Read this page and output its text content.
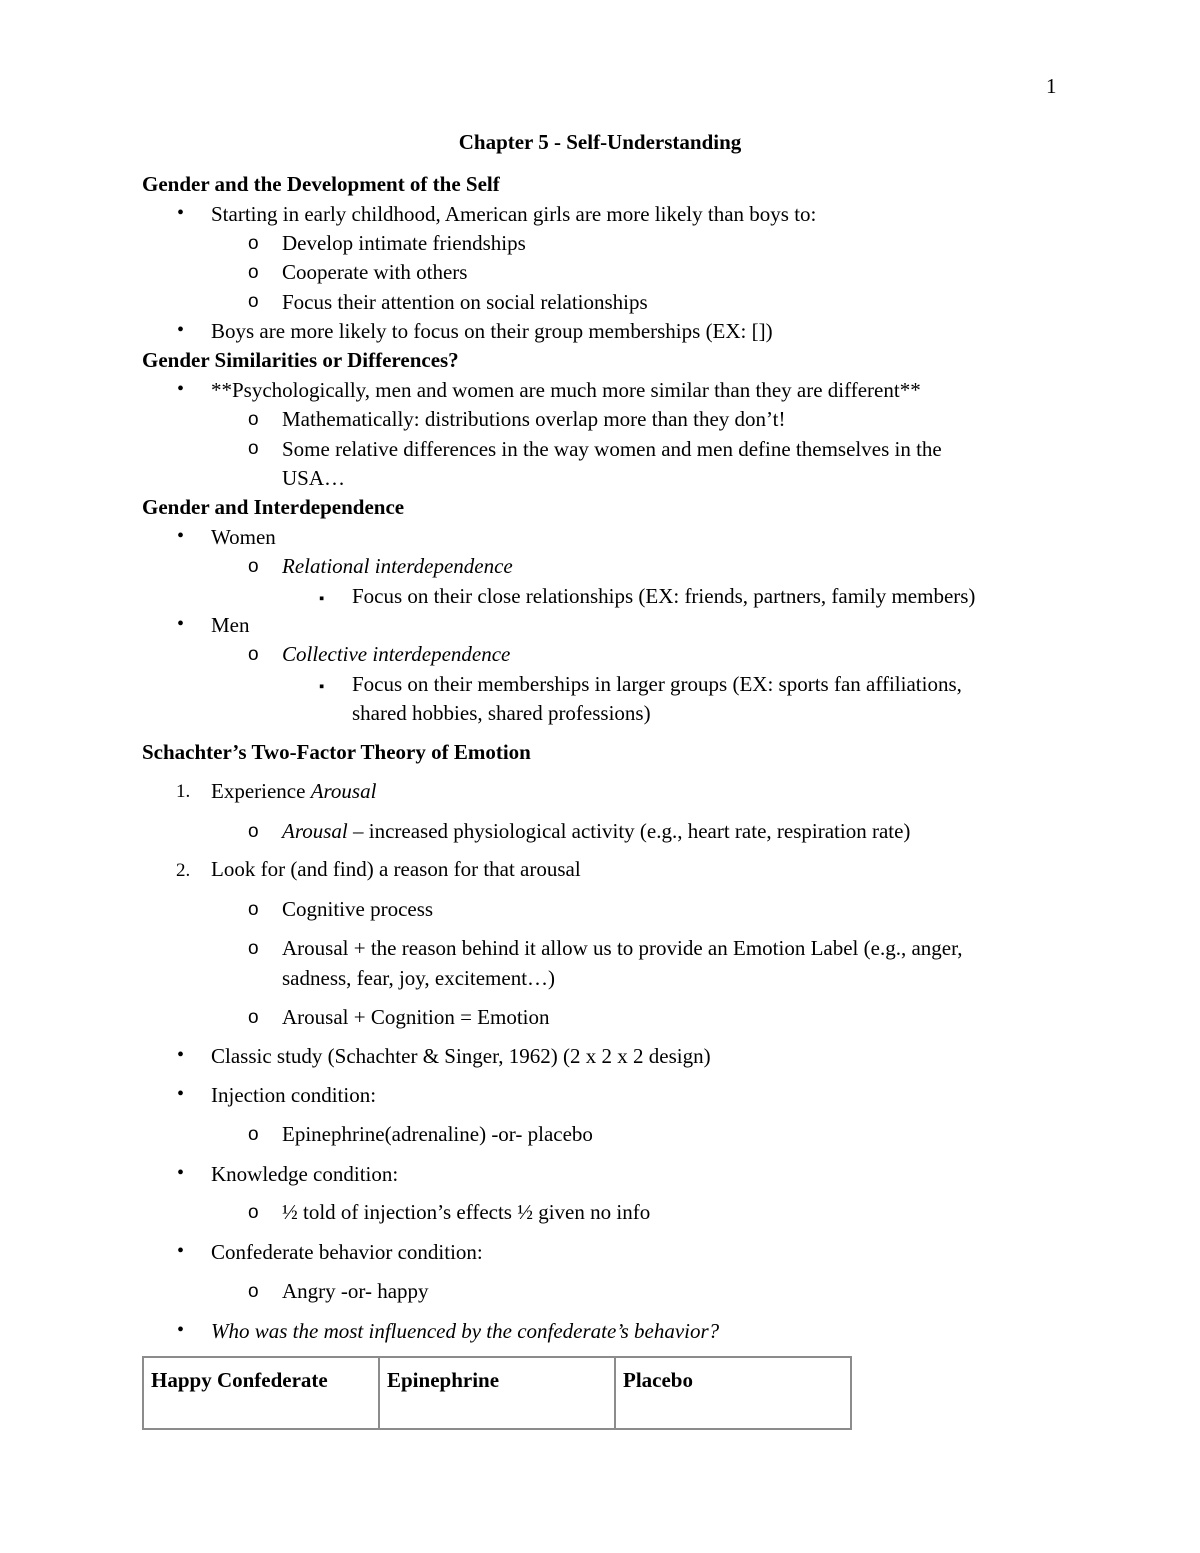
1
Chapter 5 - Self-Understanding
Gender and the Development of the Self
•
Starting in early childhood, American girls are more likely than boys to:
o
Develop intimate friendships
o
Cooperate with others
o
Focus their attention on social relationships
•
Boys are more likely to focus on their group memberships (EX: [])
Gender Similarities or Differences?
•
**Psychologically, men and women are much more similar than they are different**
o
Mathematically: distributions overlap more than they don’t!
o
Some relative differences in the way women and men define themselves in the
USA…
Gender and Interdependence
•
Women
o
Relational interdependence
▪
Focus on their close relationships (EX: friends, partners, family members)
•
Men
o
Collective interdependence
▪
Focus on their memberships in larger groups (EX: sports fan affiliations,
shared hobbies, shared professions)
Schachter’s Two-Factor Theory of Emotion
1. Experience Arousal
o
Arousal – increased physiological activity (e.g., heart rate, respiration rate)
2. Look for (and find) a reason for that arousal
o
Cognitive process
o
Arousal + the reason behind it allow us to provide an Emotion Label (e.g., anger,
sadness, fear, joy, excitement…)
o
Arousal + Cognition = Emotion
•
Classic study (Schachter & Singer, 1962) (2 x 2 x 2 design)
•
Injection condition:
o
Epinephrine(adrenaline) -or- placebo
•
Knowledge condition:
o
½ told of injection’s effects ½ given no info
•
Confederate behavior condition:
o
Angry -or- happy
•
Who was the most influenced by the confederate’s behavior?
Happy Confederate	Epinephrine	Placebo
